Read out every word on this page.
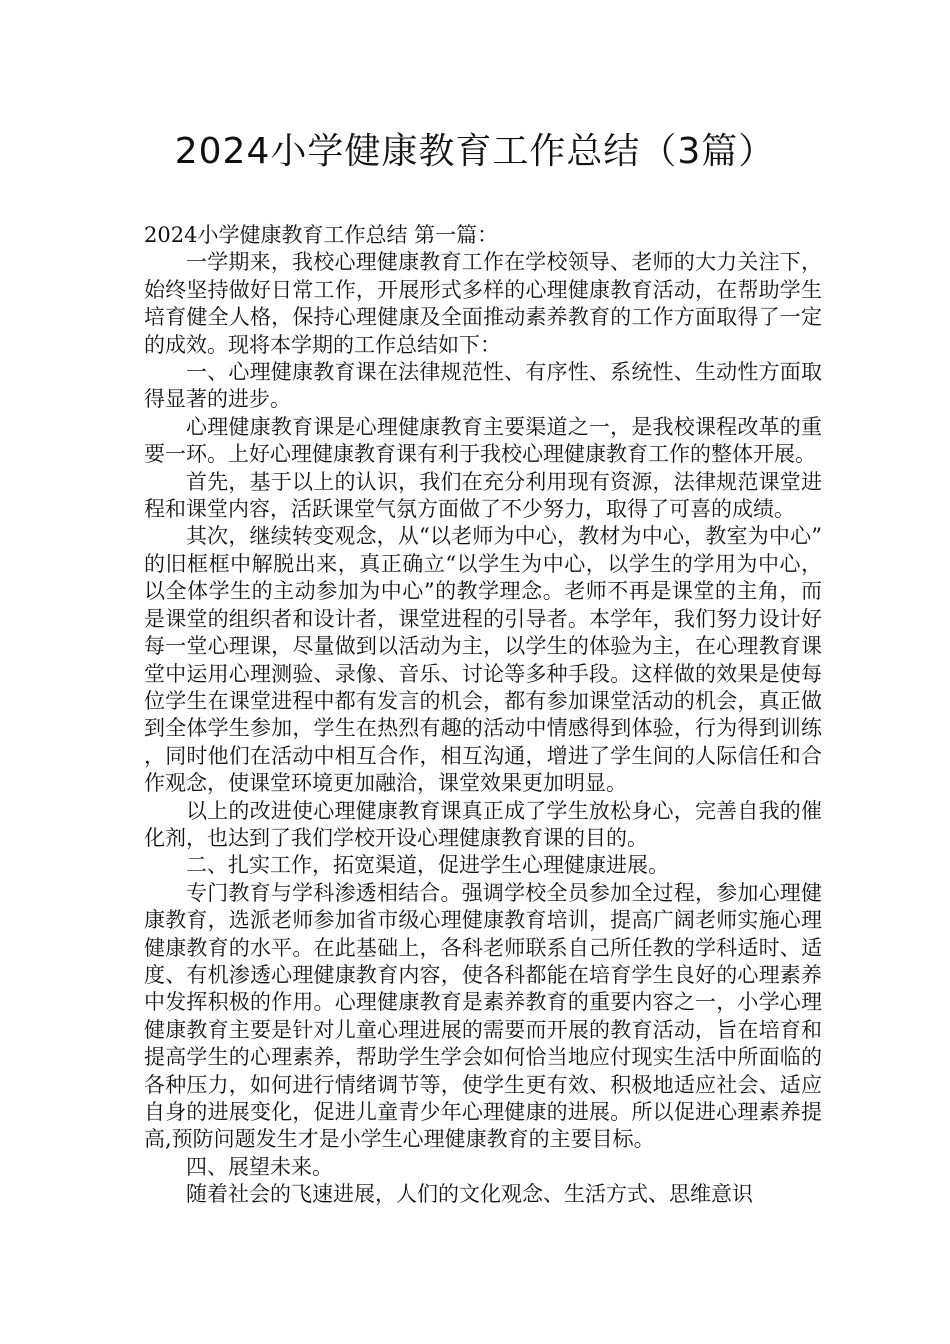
2024小学健康教育工作总结（3篇）

2024小学健康教育工作总结 第一篇：

一学期来，我校心理健康教育工作在学校领导、老师的大力关注下，始终坚持做好日常工作，开展形式多样的心理健康教育活动，在帮助学生培育健全人格，保持心理健康及全面推动素养教育的工作方面取得了一定的成效。现将本学期的工作总结如下：

一、心理健康教育课在法律规范性、有序性、系统性、生动性方面取得显著的进步。

心理健康教育课是心理健康教育主要渠道之一，是我校课程改革的重要一环。上好心理健康教育课有利于我校心理健康教育工作的整体开展。

首先，基于以上的认识，我们在充分利用现有资源，法律规范课堂进程和课堂内容，活跃课堂气氛方面做了不少努力，取得了可喜的成绩。

其次，继续转变观念，从“以老师为中心，教材为中心，教室为中心”的旧框框中解脱出来，真正确立“以学生为中心，以学生的学用为中心，以全体学生的主动参加为中心”的教学理念。老师不再是课堂的主角，而是课堂的组织者和设计者，课堂进程的引导者。本学年，我们努力设计好每一堂心理课，尽量做到以活动为主，以学生的体验为主，在心理教育课堂中运用心理测验、录像、音乐、讨论等多种手段。这样做的效果是使每位学生在课堂进程中都有发言的机会，都有参加课堂活动的机会，真正做到全体学生参加，学生在热烈有趣的活动中情感得到体验，行为得到训练，同时他们在活动中相互合作，相互沟通，增进了学生间的人际信任和合作观念，使课堂环境更加融洽，课堂效果更加明显。

以上的改进使心理健康教育课真正成了学生放松身心，完善自我的催化剂，也达到了我们学校开设心理健康教育课的目的。

二、扎实工作，拓宽渠道，促进学生心理健康进展。

专门教育与学科渗透相结合。强调学校全员参加全过程，参加心理健康教育，选派老师参加省市级心理健康教育培训，提高广阔老师实施心理健康教育的水平。在此基础上，各科老师联系自己所任教的学科适时、适度、有机渗透心理健康教育内容，使各科都能在培育学生良好的心理素养中发挥积极的作用。心理健康教育是素养教育的重要内容之一，小学心理健康教育主要是针对儿童心理进展的需要而开展的教育活动，旨在培育和提高学生的心理素养，帮助学生学会如何恰当地应付现实生活中所面临的各种压力，如何进行情绪调节等，使学生更有效、积极地适应社会、适应自身的进展变化，促进儿童青少年心理健康的进展。所以促进心理素养提高,预防问题发生才是小学生心理健康教育的主要目标。

四、展望未来。

随着社会的飞速进展，人们的文化观念、生活方式、思维意识
